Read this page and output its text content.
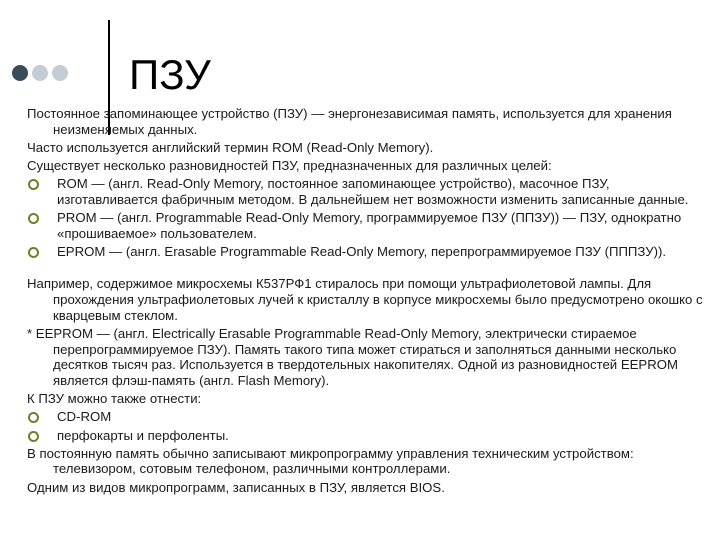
ПЗУ

Постоянное запоминающее устройство (ПЗУ) — энергонезависимая память, используется для хранения неизменяемых данных.

Часто используется английский термин ROM (Read-Only Memory).

Существует несколько разновидностей ПЗУ, предназначенных для различных целей:

ROM — (англ. Read-Only Memory, постоянное запоминающее устройство), масочное ПЗУ, изготавливается фабричным методом. В дальнейшем нет возможности изменить записанные данные.
PROM — (англ. Programmable Read-Only Memory, программируемое ПЗУ (ППЗУ)) — ПЗУ, однократно «прошиваемое» пользователем.
EPROM — (англ. Erasable Programmable Read-Only Memory, перепрограммируемое ПЗУ (ПППЗУ)).

Например, содержимое микросхемы К537РФ1 стиралось при помощи ультрафиолетовой лампы. Для прохождения ультрафиолетовых лучей к кристаллу в корпусе микросхемы было предусмотрено окошко с кварцевым стеклом.

* EEPROM — (англ. Electrically Erasable Programmable Read-Only Memory, электрически стираемое перепрограммируемое ПЗУ). Память такого типа может стираться и заполняться данными несколько десятков тысяч раз. Используется в твердотельных накопителях. Одной из разновидностей EEPROM является флэш-память (англ. Flash Memory).

К ПЗУ можно также отнести:

CD-ROM
перфокарты и перфоленты.

В постоянную память обычно записывают микропрограмму управления техническим устройством: телевизором, сотовым телефоном, различными контроллерами.

Одним из видов микропрограмм, записанных в ПЗУ, является BIOS.
